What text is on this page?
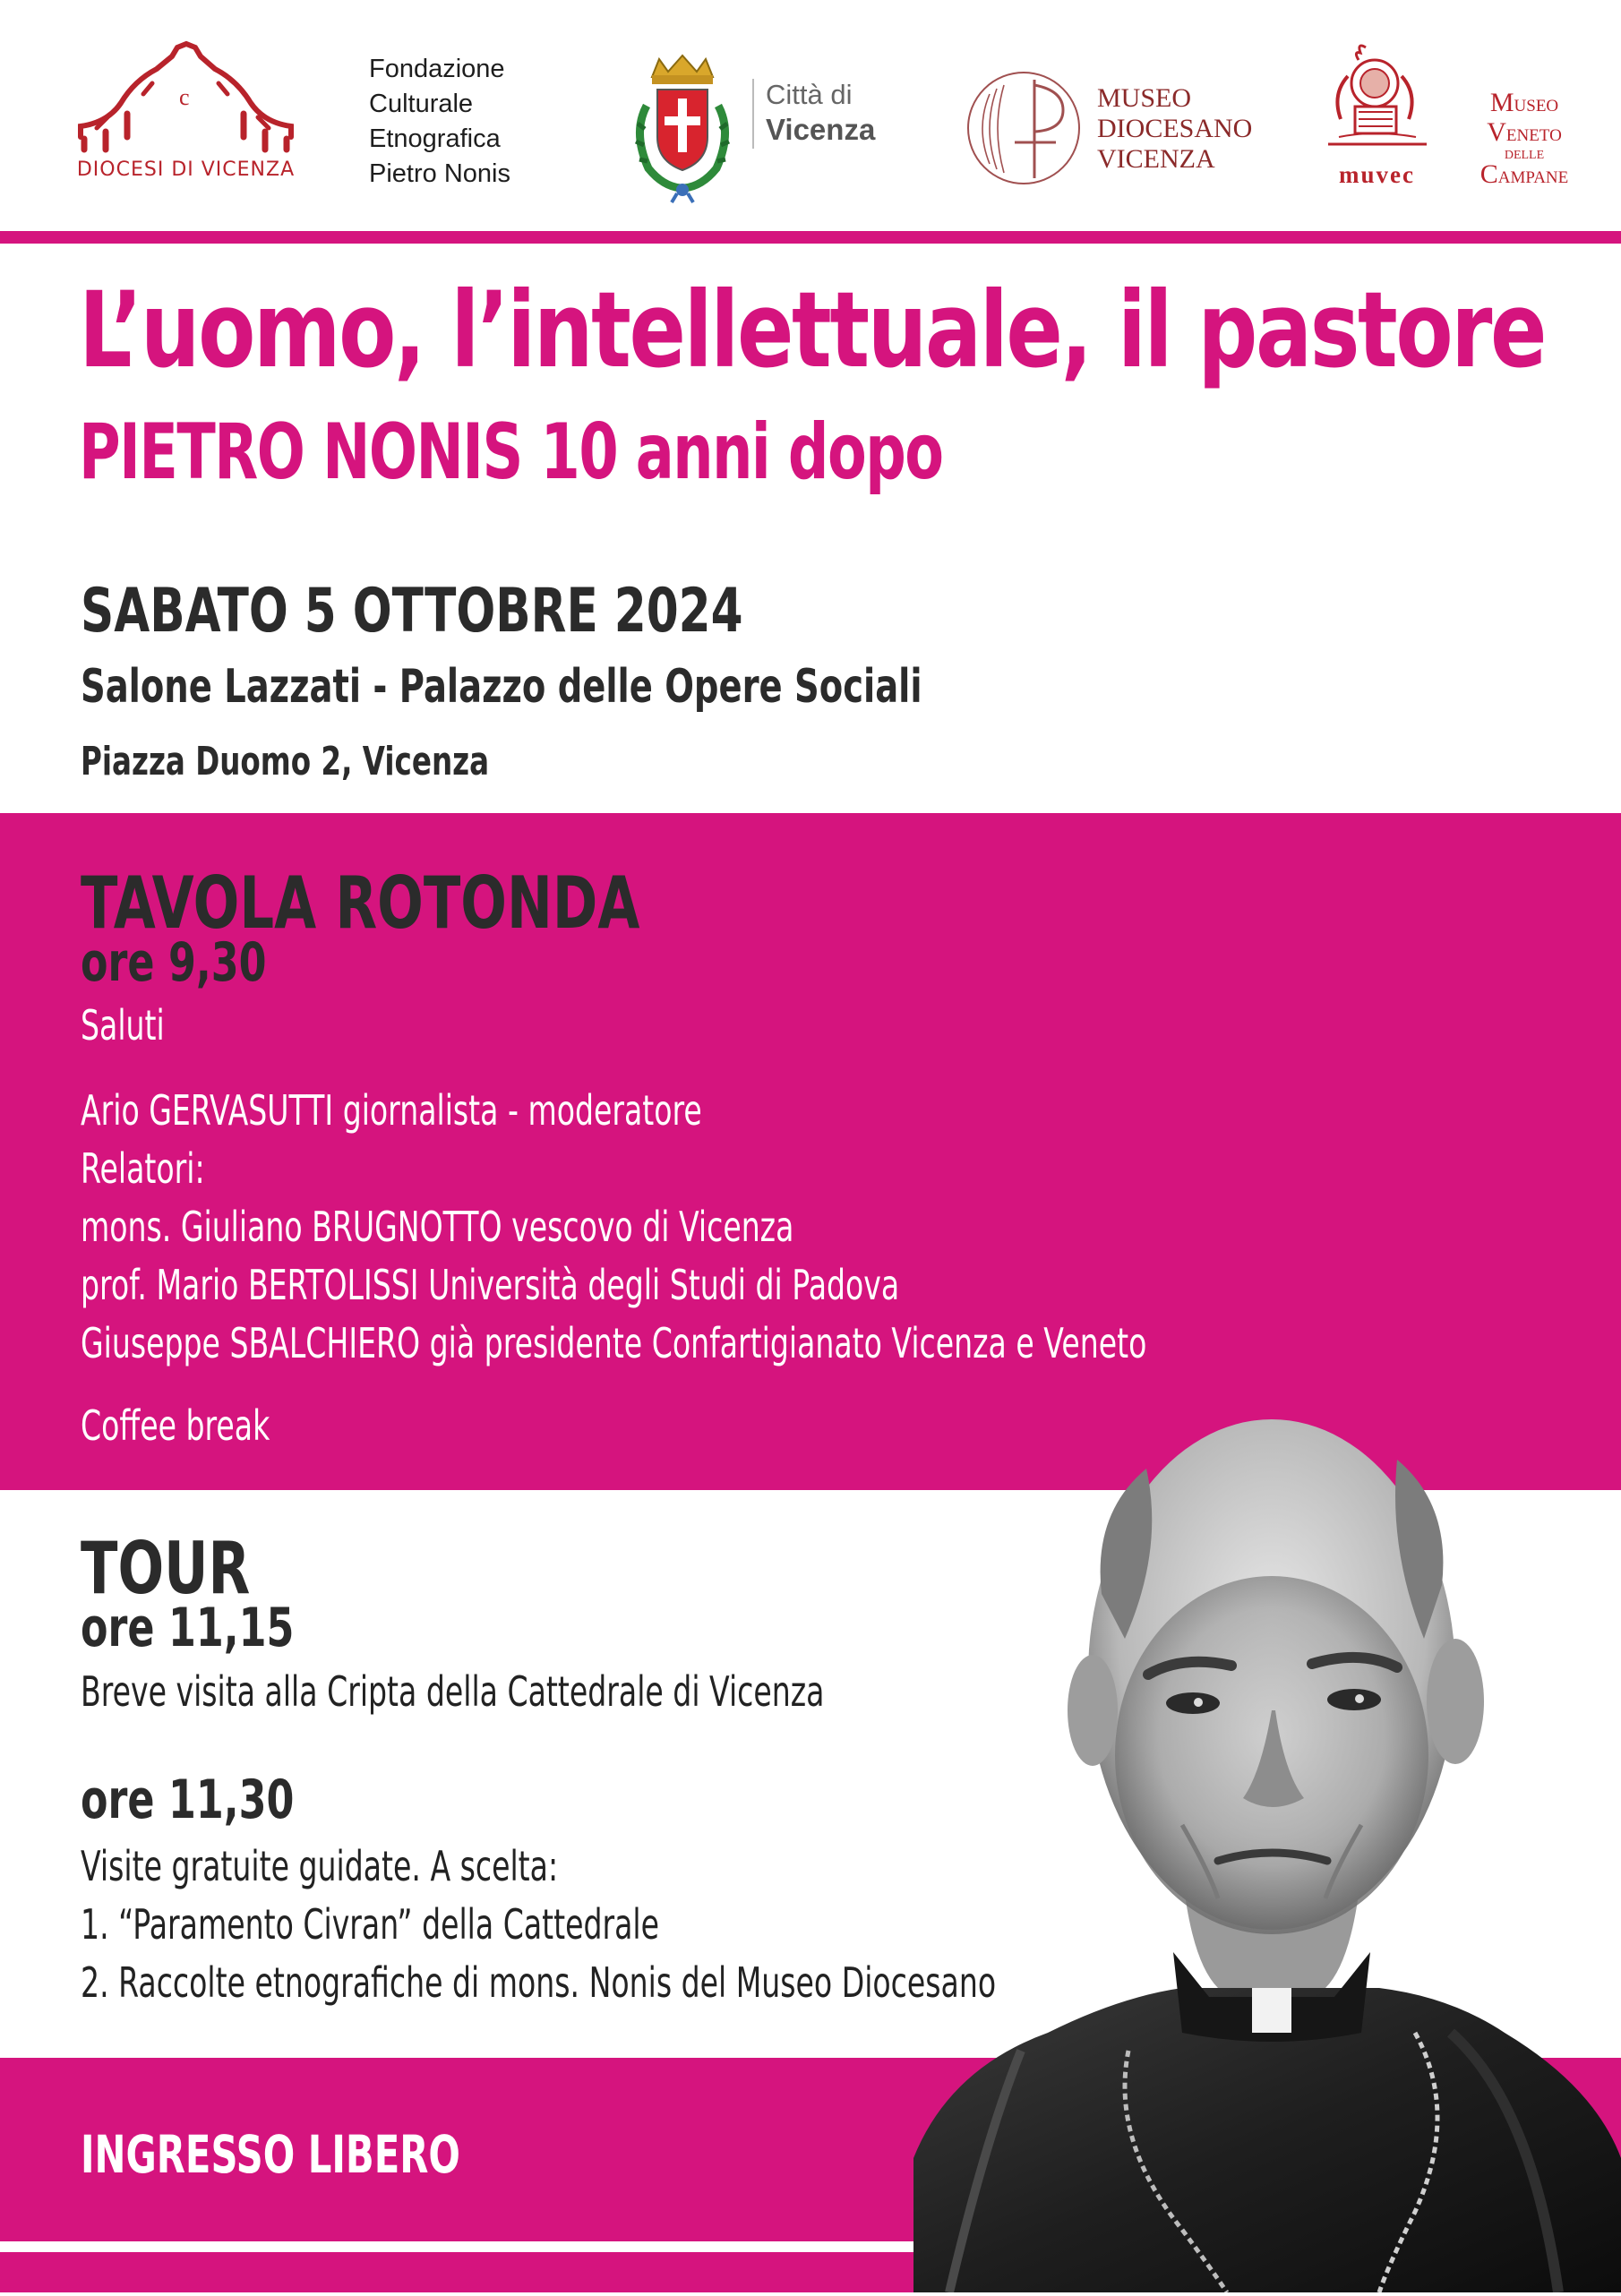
c
DIOCESI DI VICENZA
Fondazione
Culturale
Etnografica
Pietro Nonis
Città di
Vicenza
MUSEO
DIOCESANO
VICENZA
muvec
MUSEO
VENETO
DELLE
CAMPANE
L’uomo, l’intellettuale, il pastore
PIETRO NONIS 10 anni dopo
SABATO 5 OTTOBRE 2024
Salone Lazzati - Palazzo delle Opere Sociali
Piazza Duomo 2, Vicenza
TAVOLA ROTONDA
ore 9,30
Saluti
Ario GERVASUTTI giornalista - moderatore
Relatori:
mons. Giuliano BRUGNOTTO vescovo di Vicenza
prof. Mario BERTOLISSI Università degli Studi di Padova
Giuseppe SBALCHIERO già presidente Confartigianato Vicenza e Veneto
Coffee break
TOUR
ore 11,15
Breve visita alla Cripta della Cattedrale di Vicenza
ore 11,30
Visite gratuite guidate. A scelta:
1. “Paramento Civran” della Cattedrale
2. Raccolte etnografiche di mons. Nonis del Museo Diocesano
INGRESSO LIBERO
